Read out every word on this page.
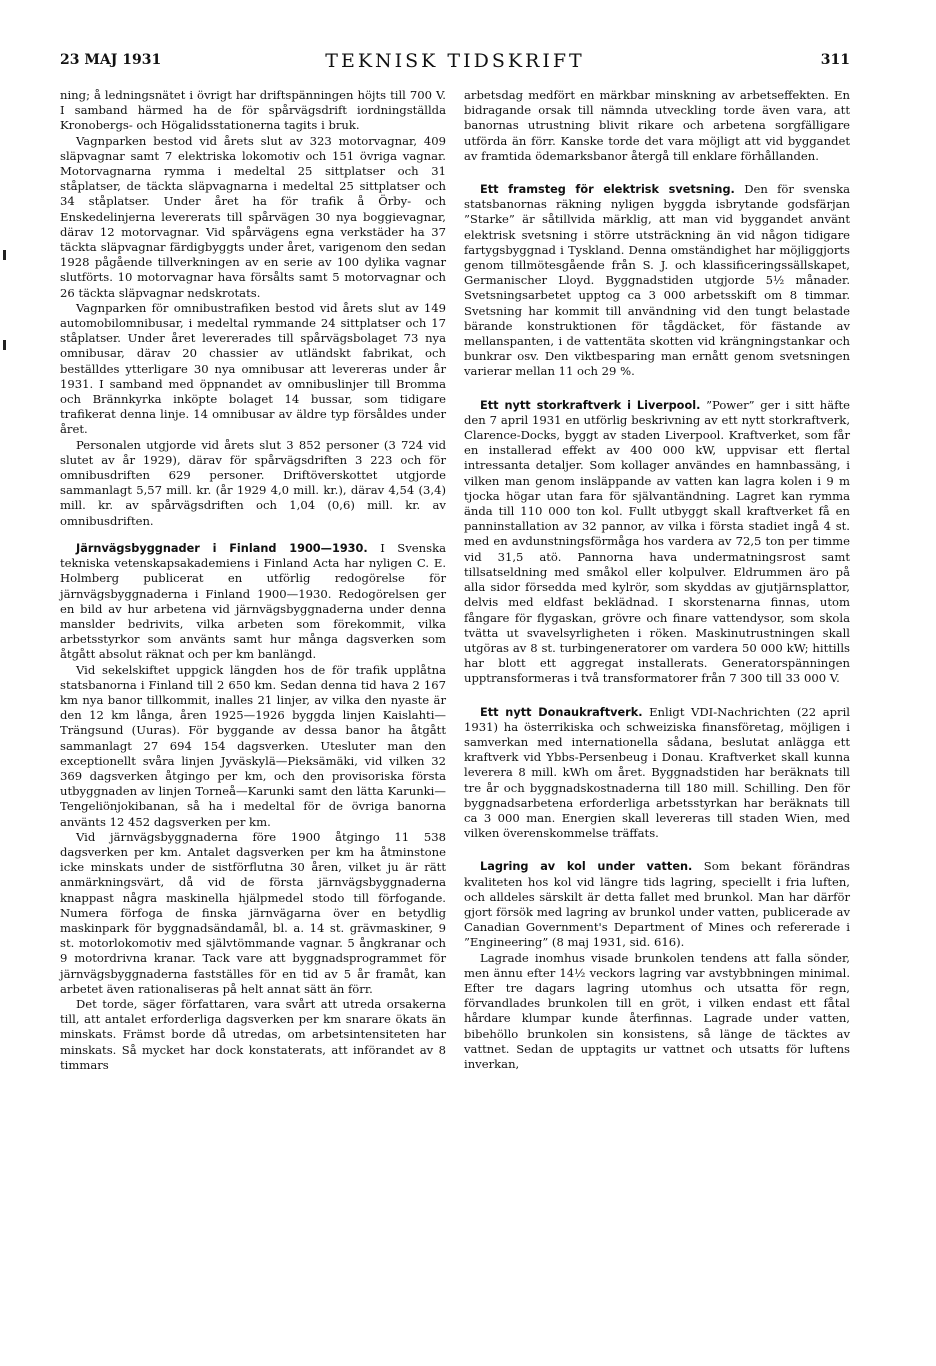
23 MAJ 1931	TEKNISK TIDSKRIFT	311

ning; å ledningsnätet i övrigt har driftspänningen höjts till 700 V. I samband härmed ha de för spårvägsdrift iordningställda Kronobergs- och Högalidsstationerna tagits i bruk.

Vagnparken bestod vid årets slut av 323 motorvagnar, 409 släpvagnar samt 7 elektriska lokomotiv och 151 övriga vagnar. Motorvagnarna rymma i medeltal 25 sittplatser och 31 ståplatser, de täckta släpvagnarna i medeltal 25 sittplatser och 34 ståplatser. Under året ha för trafik å Örby- och Enskedelinjerna levererats till spårvägen 30 nya boggievagnar, därav 12 motorvagnar. Vid spårvägens egna verkstäder ha 37 täckta släpvagnar färdigbyggts under året, varigenom den sedan 1928 pågående tillverkningen av en serie av 100 dylika vagnar slutförts. 10 motorvagnar hava försålts samt 5 motorvagnar och 26 täckta släpvagnar nedskrotats.

Vagnparken för omnibustrafiken bestod vid årets slut av 149 automobilomnibusar, i medeltal rymmande 24 sittplatser och 17 ståplatser. Under året levererades till spårvägsbolaget 73 nya omnibusar, därav 20 chassier av utländskt fabrikat, och beställdes ytterligare 30 nya omnibusar att levereras under år 1931. I samband med öppnandet av omnibuslinjer till Bromma och Brännkyrka inköpte bolaget 14 bussar, som tidigare trafikerat denna linje. 14 omnibusar av äldre typ försåldes under året.

Personalen utgjorde vid årets slut 3 852 personer (3 724 vid slutet av år 1929), därav för spårvägsdriften 3 223 och för omnibusdriften 629 personer. Driftöverskottet utgjorde sammanlagt 5,57 mill. kr. (år 1929 4,0 mill. kr.), därav 4,54 (3,4) mill. kr. av spårvägsdriften och 1,04 (0,6) mill. kr. av omnibusdriften.

Järnvägsbyggnader i Finland 1900—1930. I Svenska tekniska vetenskapsakademiens i Finland Acta har nyligen C. E. Holmberg publicerat en utförlig redogörelse för järnvägsbyggnaderna i Finland 1900—1930. Redogörelsen ger en bild av hur arbetena vid järnvägsbyggnaderna under denna manslder bedrivits, vilka arbeten som förekommit, vilka arbetsstyrkor som använts samt hur många dagsverken som åtgått absolut räknat och per km banlängd.

Vid sekelskiftet uppgick längden hos de för trafik upplåtna statsbanorna i Finland till 2 650 km. Sedan denna tid hava 2 167 km nya banor tillkommit, inalles 21 linjer, av vilka den nyaste är den 12 km långa, åren 1925—1926 byggda linjen Kaislahti—Trängsund (Uuras). För byggande av dessa banor ha åtgått sammanlagt 27 694 154 dagsverken. Utesluter man den exceptionellt svåra linjen Jyväskylä—Pieksämäki, vid vilken 32 369 dagsverken åtgingo per km, och den provisoriska första utbyggnaden av linjen Torneå—Karunki samt den lätta Karunki—Tengeliönjokibanan, så ha i medeltal för de övriga banorna använts 12 452 dagsverken per km.

Vid järnvägsbyggnaderna före 1900 åtgingo 11 538 dagsverken per km. Antalet dagsverken per km ha åtminstone icke minskats under de sistförflutna 30 åren, vilket ju är rätt anmärkningsvärt, då vid de första järnvägsbyggnaderna knappast några maskinella hjälpmedel stodo till förfogande. Numera förfoga de finska järnvägarna över en betydlig maskinpark för byggnadsändamål, bl. a. 14 st. grävmaskiner, 9 st. motorlokomotiv med självtömmande vagnar. 5 ångkranar och 9 motordrivna kranar. Tack vare att byggnadsprogrammet för järnvägsbyggnaderna fastställes för en tid av 5 år framåt, kan arbetet även rationaliseras på helt annat sätt än förr.

Det torde, säger författaren, vara svårt att utreda orsakerna till, att antalet erforderliga dagsverken per km snarare ökats än minskats. Främst borde då utredas, om arbetsintensiteten har minskats. Så mycket har dock konstaterats, att införandet av 8 timmars

arbetsdag medfört en märkbar minskning av arbetseffekten. En bidragande orsak till nämnda utveckling torde även vara, att banornas utrustning blivit rikare och arbetena sorgfälligare utförda än förr. Kanske torde det vara möjligt att vid byggandet av framtida ödemarksbanor återgå till enklare förhållanden.

Ett framsteg för elektrisk svetsning. Den för svenska statsbanornas räkning nyligen byggda isbrytande godsfärjan ”Starke” är såtillvida märklig, att man vid byggandet använt elektrisk svetsning i större utsträckning än vid någon tidigare fartygsbyggnad i Tyskland. Denna omständighet har möjliggjorts genom tillmötesgående från S. J. och klassificeringssällskapet, Germanischer Lloyd. Byggnadstiden utgjorde 5½ månader. Svetsningsarbetet upptog ca 3 000 arbetsskift om 8 timmar. Svetsning har kommit till användning vid den tungt belastade bärande konstruktionen för tågdäcket, för fästande av mellanspanten, i de vattentäta skotten vid krängningstankar och bunkrar osv. Den viktbesparing man ernått genom svetsningen varierar mellan 11 och 29 %.

Ett nytt storkraftverk i Liverpool. ”Power” ger i sitt häfte den 7 april 1931 en utförlig beskrivning av ett nytt storkraftverk, Clarence-Docks, byggt av staden Liverpool. Kraftverket, som får en installerad effekt av 400 000 kW, uppvisar ett flertal intressanta detaljer. Som kollager användes en hamnbassäng, i vilken man genom insläppande av vatten kan lagra kolen i 9 m tjocka högar utan fara för självantändning. Lagret kan rymma ända till 110 000 ton kol. Fullt utbyggt skall kraftverket få en panninstallation av 32 pannor, av vilka i första stadiet ingå 4 st. med en avdunstningsförmåga hos vardera av 72,5 ton per timme vid 31,5 atö. Pannorna hava undermatningsrost samt tillsatseldning med småkol eller kolpulver. Eldrummen äro på alla sidor försedda med kylrör, som skyddas av gjutjärnsplattor, delvis med eldfast beklädnad. I skorstenarna finnas, utom fångare för flygaskan, grövre och finare vattendysor, som skola tvätta ut svavelsyrligheten i röken. Maskinutrustningen skall utgöras av 8 st. turbingeneratorer om vardera 50 000 kW; hittills har blott ett aggregat installerats. Generatorspänningen upptransformeras i två transformatorer från 7 300 till 33 000 V.

Ett nytt Donaukraftverk. Enligt VDI-Nachrichten (22 april 1931) ha österrikiska och schweiziska finansföretag, möjligen i samverkan med internationella sådana, beslutat anlägga ett kraftverk vid Ybbs-Persenbeug i Donau. Kraftverket skall kunna leverera 8 mill. kWh om året. Byggnadstiden har beräknats till tre år och byggnadskostnaderna till 180 mill. Schilling. Den för byggnadsarbetena erforderliga arbetsstyrkan har beräknats till ca 3 000 man. Energien skall levereras till staden Wien, med vilken överenskommelse träffats.

Lagring av kol under vatten. Som bekant förändras kvaliteten hos kol vid längre tids lagring, speciellt i fria luften, och alldeles särskilt är detta fallet med brunkol. Man har därför gjort försök med lagring av brunkol under vatten, publicerade av Canadian Government's Department of Mines och refererade i ”Engineering” (8 maj 1931, sid. 616).

Lagrade inomhus visade brunkolen tendens att falla sönder, men ännu efter 14½ veckors lagring var avstybbningen minimal. Efter tre dagars lagring utomhus och utsatta för regn, förvandlades brunkolen till en gröt, i vilken endast ett fåtal hårdare klumpar kunde återfinnas. Lagrade under vatten, bibehöllo brunkolen sin konsistens, så länge de täcktes av vattnet. Sedan de upptagits ur vattnet och utsatts för luftens inverkan,
